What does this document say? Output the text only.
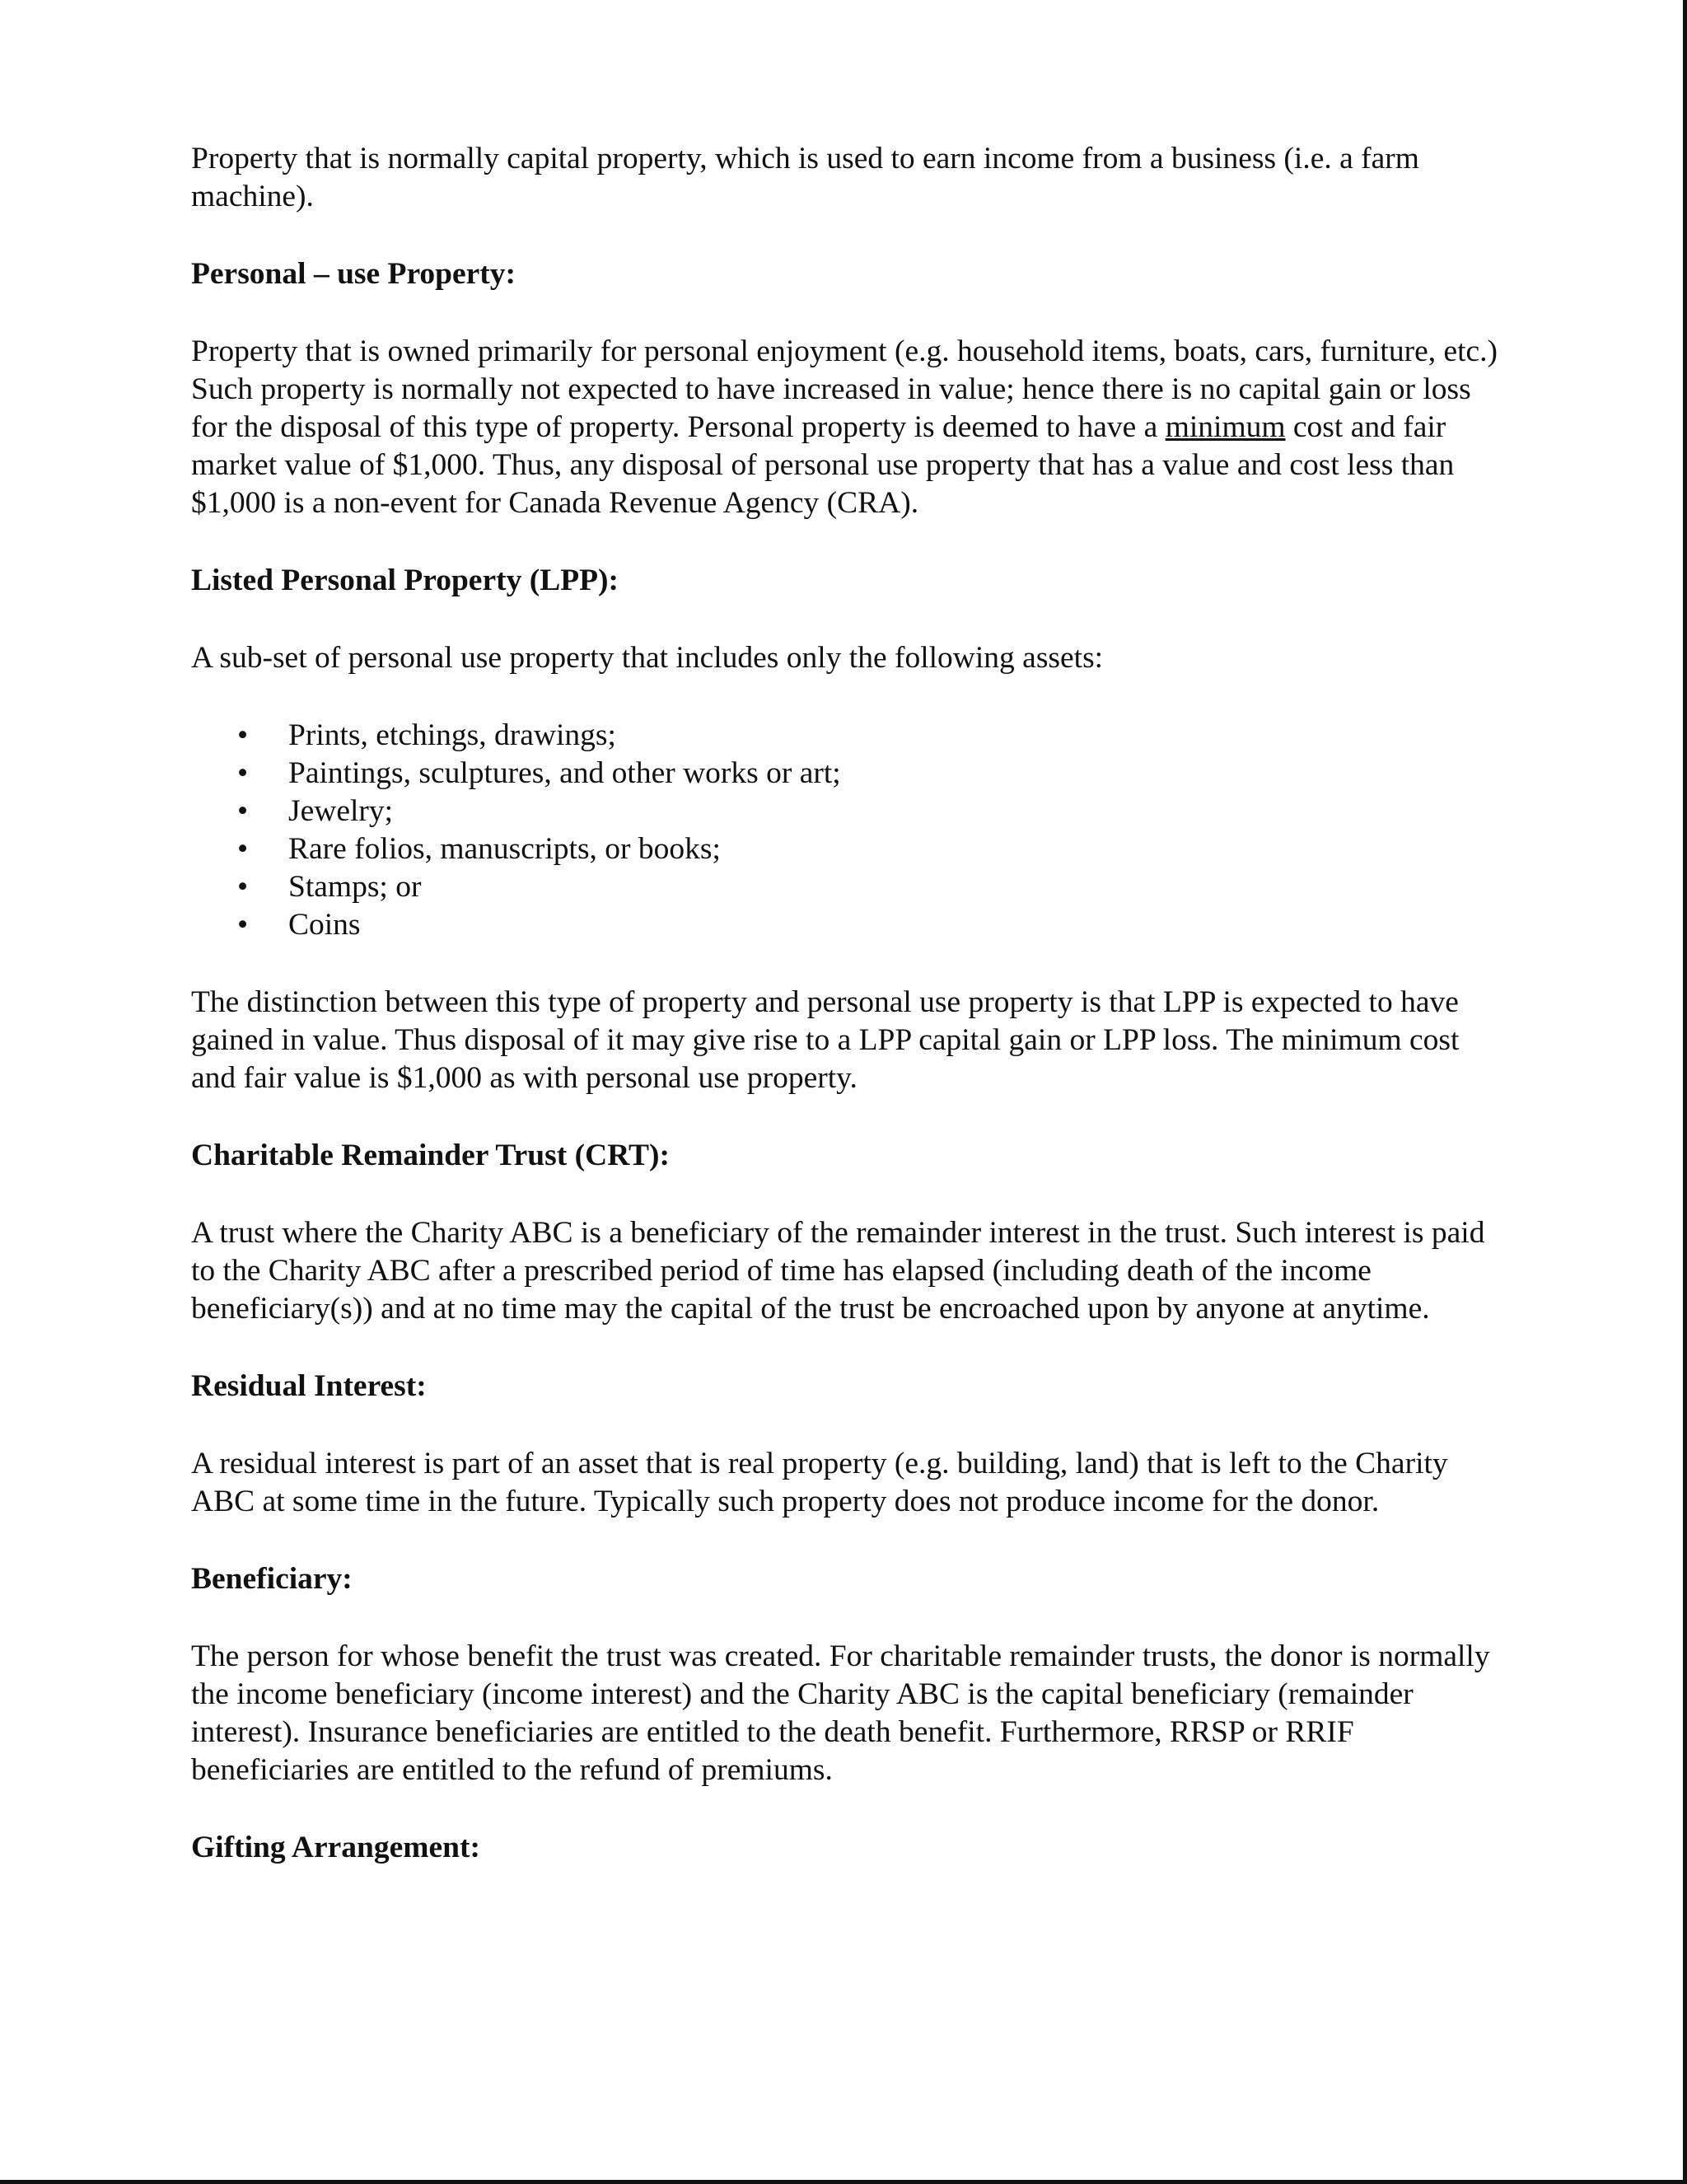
Property that is normally capital property, which is used to earn income from a business (i.e. a farm machine).

Personal – use Property:

Property that is owned primarily for personal enjoyment (e.g. household items, boats, cars, furniture, etc.) Such property is normally not expected to have increased in value; hence there is no capital gain or loss for the disposal of this type of property. Personal property is deemed to have a minimum cost and fair market value of $1,000. Thus, any disposal of personal use property that has a value and cost less than $1,000 is a non-event for Canada Revenue Agency (CRA).

Listed Personal Property (LPP):

A sub-set of personal use property that includes only the following assets:

• Prints, etchings, drawings;
• Paintings, sculptures, and other works or art;
• Jewelry;
• Rare folios, manuscripts, or books;
• Stamps; or
• Coins

The distinction between this type of property and personal use property is that LPP is expected to have gained in value. Thus disposal of it may give rise to a LPP capital gain or LPP loss. The minimum cost and fair value is $1,000 as with personal use property.

Charitable Remainder Trust (CRT):

A trust where the Charity ABC is a beneficiary of the remainder interest in the trust. Such interest is paid to the Charity ABC after a prescribed period of time has elapsed (including death of the income beneficiary(s)) and at no time may the capital of the trust be encroached upon by anyone at anytime.

Residual Interest:

A residual interest is part of an asset that is real property (e.g. building, land) that is left to the Charity ABC at some time in the future. Typically such property does not produce income for the donor.

Beneficiary:

The person for whose benefit the trust was created. For charitable remainder trusts, the donor is normally the income beneficiary (income interest) and the Charity ABC is the capital beneficiary (remainder interest). Insurance beneficiaries are entitled to the death benefit. Furthermore, RRSP or RRIF beneficiaries are entitled to the refund of premiums.

Gifting Arrangement:
